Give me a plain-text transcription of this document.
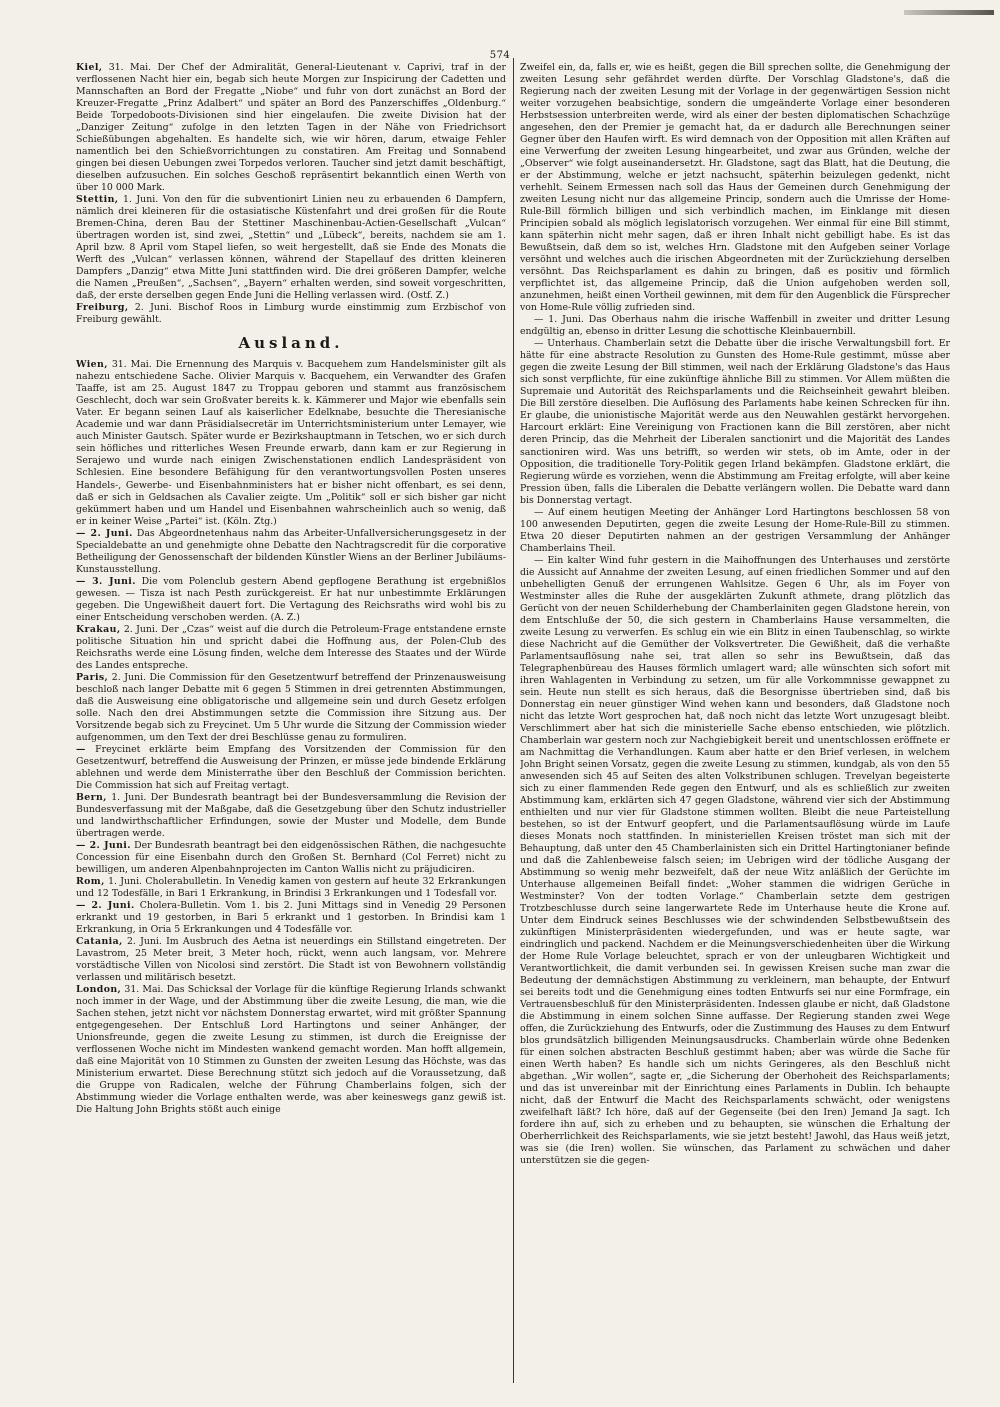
574

Kiel, 31. Mai. Der Chef der Admiralität, General-Lieutenant v. Caprivi, traf in der verflossenen Nacht hier ein, begab sich heute Morgen zur Inspicirung der Cadetten und Mannschaften an Bord der Fregatte „Niobe“ und fuhr von dort zunächst an Bord der Kreuzer-Fregatte „Prinz Adalbert“ und später an Bord des Panzerschiffes „Oldenburg.“ Beide Torpedoboots-Divisionen sind hier eingelaufen. Die zweite Division hat der „Danziger Zeitung“ zufolge in den letzten Tagen in der Nähe von Friedrichsort Schießübungen abgehalten. Es handelte sich, wie wir hören, darum, etwaige Fehler namentlich bei den Schießvorrichtungen zu constatiren. Am Freitag und Sonnabend gingen bei diesen Uebungen zwei Torpedos verloren. Taucher sind jetzt damit beschäftigt, dieselben aufzusuchen. Ein solches Geschoß repräsentirt bekanntlich einen Werth von über 10 000 Mark.

Stettin, 1. Juni. Von den für die subventionirt Linien neu zu erbauenden 6 Dampfern, nämlich drei kleineren für die ostasiatische Küstenfahrt und drei großen für die Route Bremen-China, deren Bau der Stettiner Maschinenbau-Actien-Gesellschaft „Vulcan“ übertragen worden ist, sind zwei, „Stettin“ und „Lübeck“, bereits, nachdem sie am 1. April bzw. 8 April vom Stapel liefen, so weit hergestellt, daß sie Ende des Monats die Werft des „Vulcan“ verlassen können, während der Stapellauf des dritten kleineren Dampfers „Danzig“ etwa Mitte Juni stattfinden wird. Die drei größeren Dampfer, welche die Namen „Preußen“, „Sachsen“, „Bayern“ erhalten werden, sind soweit vorgeschritten, daß, der erste derselben gegen Ende Juni die Helling verlassen wird. (Ostf. Z.)

Freiburg, 2. Juni. Bischof Roos in Limburg wurde einstimmig zum Erzbischof von Freiburg gewählt.

Ausland.

Wien, 31. Mai. Die Ernennung des Marquis v. Bacquehem zum Handelsminister gilt als nahezu entschiedene Sache. Olivier Marquis v. Bacquehem, ein Verwandter des Grafen Taaffe, ist am 25. August 1847 zu Troppau geboren und stammt aus französischem Geschlecht, doch war sein Großvater bereits k. k. Kämmerer und Major wie ebenfalls sein Vater. Er begann seinen Lauf als kaiserlicher Edelknabe, besuchte die Theresianische Academie und war dann Präsidialsecretär im Unterrichtsministerium unter Lemayer, wie auch Minister Gautsch. Später wurde er Bezirkshauptmann in Tetschen, wo er sich durch sein höfliches und ritterliches Wesen Freunde erwarb, dann kam er zur Regierung in Serajewo und wurde nach einigen Zwischenstationen endlich Landespräsident von Schlesien. Eine besondere Befähigung für den verantwortungsvollen Posten unseres Handels-, Gewerbe- und Eisenbahnministers hat er bisher nicht offenbart, es sei denn, daß er sich in Geldsachen als Cavalier zeigte. Um „Politik“ soll er sich bisher gar nicht gekümmert haben und um Handel und Eisenbahnen wahrscheinlich auch so wenig, daß er in keiner Weise „Partei“ ist. (Köln. Ztg.)

— 2. Juni. Das Abgeordnetenhaus nahm das Arbeiter-Unfallversicherungsgesetz in der Specialdebatte an und genehmigte ohne Debatte den Nachtragscredit für die corporative Betheiligung der Genossenschaft der bildenden Künstler Wiens an der Berliner Jubiläums-Kunstausstellung.

— 3. Juni. Die vom Polenclub gestern Abend gepflogene Berathung ist ergebnißlos gewesen. — Tisza ist nach Pesth zurückgereist. Er hat nur unbestimmte Erklärungen gegeben. Die Ungewißheit dauert fort. Die Vertagung des Reichsraths wird wohl bis zu einer Entscheidung verschoben werden. (A. Z.)

Krakau, 2. Juni. Der „Czas“ weist auf die durch die Petroleum-Frage entstandene ernste politische Situation hin und spricht dabei die Hoffnung aus, der Polen-Club des Reichsraths werde eine Lösung finden, welche dem Interesse des Staates und der Würde des Landes entspreche.

Paris, 2. Juni. Die Commission für den Gesetzentwurf betreffend der Prinzenausweisung beschloß nach langer Debatte mit 6 gegen 5 Stimmen in drei getrennten Abstimmungen, daß die Ausweisung eine obligatorische und allgemeine sein und durch Gesetz erfolgen solle. Nach den drei Abstimmungen setzte die Commission ihre Sitzung aus. Der Vorsitzende begab sich zu Freycinet. Um 5 Uhr wurde die Sitzung der Commission wieder aufgenommen, um den Text der drei Beschlüsse genau zu formuliren.

— Freycinet erklärte beim Empfang des Vorsitzenden der Commission für den Gesetzentwurf, betreffend die Ausweisung der Prinzen, er müsse jede bindende Erklärung ablehnen und werde dem Ministerrathe über den Beschluß der Commission berichten. Die Commission hat sich auf Freitag vertagt.

Bern, 1. Juni. Der Bundesrath beantragt bei der Bundesversammlung die Revision der Bundesverfassung mit der Maßgabe, daß die Gesetzgebung über den Schutz industrieller und landwirthschaftlicher Erfindungen, sowie der Muster und Modelle, dem Bunde übertragen werde.

— 2. Juni. Der Bundesrath beantragt bei den eidgenössischen Räthen, die nachgesuchte Concession für eine Eisenbahn durch den Großen St. Bernhard (Col Ferret) nicht zu bewilligen, um anderen Alpenbahnprojecten im Canton Wallis nicht zu präjudiciren.

Rom, 1. Juni. Cholerabulletin. In Venedig kamen von gestern auf heute 32 Erkrankungen und 12 Todesfälle, in Bari 1 Erkrankung, in Brindisi 3 Erkrankungen und 1 Todesfall vor.

— 2. Juni. Cholera-Bulletin. Vom 1. bis 2. Juni Mittags sind in Venedig 29 Personen erkrankt und 19 gestorben, in Bari 5 erkrankt und 1 gestorben. In Brindisi kam 1 Erkrankung, in Oria 5 Erkrankungen und 4 Todesfälle vor.

Catania, 2. Juni. Im Ausbruch des Aetna ist neuerdings ein Stillstand eingetreten. Der Lavastrom, 25 Meter breit, 3 Meter hoch, rückt, wenn auch langsam, vor. Mehrere vorstädtische Villen von Nicolosi sind zerstört. Die Stadt ist von Bewohnern vollständig verlassen und militärisch besetzt.

London, 31. Mai. Das Schicksal der Vorlage für die künftige Regierung Irlands schwankt noch immer in der Wage, und der Abstimmung über die zweite Lesung, die man, wie die Sachen stehen, jetzt nicht vor nächstem Donnerstag erwartet, wird mit größter Spannung entgegengesehen. Der Entschluß Lord Hartingtons und seiner Anhänger, der Unionsfreunde, gegen die zweite Lesung zu stimmen, ist durch die Ereignisse der verflossenen Woche nicht im Mindesten wankend gemacht worden. Man hofft allgemein, daß eine Majorität von 10 Stimmen zu Gunsten der zweiten Lesung das Höchste, was das Ministerium erwartet. Diese Berechnung stützt sich jedoch auf die Voraussetzung, daß die Gruppe von Radicalen, welche der Führung Chamberlains folgen, sich der Abstimmung wieder die Vorlage enthalten werde, was aber keineswegs ganz gewiß ist. Die Haltung John Brights stößt auch einige

Zweifel ein, da, falls er, wie es heißt, gegen die Bill sprechen sollte, die Genehmigung der zweiten Lesung sehr gefährdet werden dürfte. Der Vorschlag Gladstone's, daß die Regierung nach der zweiten Lesung mit der Vorlage in der gegenwärtigen Session nicht weiter vorzugehen beabsichtige, sondern die umgeänderte Vorlage einer besonderen Herbstsession unterbreiten werde, wird als einer der besten diplomatischen Schachzüge angesehen, den der Premier je gemacht hat, da er dadurch alle Berechnungen seiner Gegner über den Haufen wirft. Es wird demnach von der Opposition mit allen Kräften auf eine Verwerfung der zweiten Lesung hingearbeitet, und zwar aus Gründen, welche der „Observer“ wie folgt auseinandersetzt. Hr. Gladstone, sagt das Blatt, hat die Deutung, die er der Abstimmung, welche er jetzt nachsucht, späterhin beizulegen gedenkt, nicht verhehlt. Seinem Ermessen nach soll das Haus der Gemeinen durch Genehmigung der zweiten Lesung nicht nur das allgemeine Princip, sondern auch die Umrisse der Home-Rule-Bill förmlich billigen und sich verbindlich machen, im Einklange mit diesen Principien sobald als möglich legislatorisch vorzugehen. Wer einmal für eine Bill stimmt, kann späterhin nicht mehr sagen, daß er ihren Inhalt nicht gebilligt habe. Es ist das Bewußtsein, daß dem so ist, welches Hrn. Gladstone mit den Aufgeben seiner Vorlage versöhnt und welches auch die irischen Abgeordneten mit der Zurückziehung derselben versöhnt. Das Reichsparlament es dahin zu bringen, daß es positiv und förmlich verpflichtet ist, das allgemeine Princip, daß die Union aufgehoben werden soll, anzunehmen, heißt einen Vortheil gewinnen, mit dem für den Augenblick die Fürsprecher von Home-Rule völlig zufrieden sind.

— 1. Juni. Das Oberhaus nahm die irische Waffenbill in zweiter und dritter Lesung endgültig an, ebenso in dritter Lesung die schottische Kleinbauernbill.

— Unterhaus. Chamberlain setzt die Debatte über die irische Verwaltungsbill fort. Er hätte für eine abstracte Resolution zu Gunsten des Home-Rule gestimmt, müsse aber gegen die zweite Lesung der Bill stimmen, weil nach der Erklärung Gladstone's das Haus sich sonst verpflichte, für eine zukünftige ähnliche Bill zu stimmen. Vor Allem müßten die Supremaie und Autorität des Reichsparlaments und die Reichseinheit gewahrt bleiben. Die Bill zerstöre dieselben. Die Auflösung des Parlaments habe keinen Schrecken für ihn. Er glaube, die unionistische Majorität werde aus den Neuwahlen gestärkt hervorgehen. Harcourt erklärt: Eine Vereinigung von Fractionen kann die Bill zerstören, aber nicht deren Princip, das die Mehrheit der Liberalen sanctionirt und die Majorität des Landes sanctioniren wird. Was uns betrifft, so werden wir stets, ob im Amte, oder in der Opposition, die traditionelle Tory-Politik gegen Irland bekämpfen. Gladstone erklärt, die Regierung würde es vorziehen, wenn die Abstimmung am Freitag erfolgte, will aber keine Pression üben, falls die Liberalen die Debatte verlängern wollen. Die Debatte ward dann bis Donnerstag vertagt.

— Auf einem heutigen Meeting der Anhänger Lord Hartingtons beschlossen 58 von 100 anwesenden Deputirten, gegen die zweite Lesung der Home-Rule-Bill zu stimmen. Etwa 20 dieser Deputirten nahmen an der gestrigen Versammlung der Anhänger Chamberlains Theil.

— Ein kalter Wind fuhr gestern in die Maihoffnungen des Unterhauses und zerstörte die Aussicht auf Annahme der zweiten Lesung, auf einen friedlichen Sommer und auf den unbehelligten Genuß der errungenen Wahlsitze. Gegen 6 Uhr, als im Foyer von Westminster alles die Ruhe der ausgeklärten Zukunft athmete, drang plötzlich das Gerücht von der neuen Schilderhebung der Chamberlainiten gegen Gladstone herein, von dem Entschluße der 50, die sich gestern in Chamberlains Hause versammelten, die zweite Lesung zu verwerfen. Es schlug ein wie ein Blitz in einen Taubenschlag, so wirkte diese Nachricht auf die Gemüther der Volksvertreter. Die Gewißheit, daß die verhaßte Parlamentsauflösung nahe sei, trat allen so sehr ins Bewußtsein, daß das Telegraphenbüreau des Hauses förmlich umlagert ward; alle wünschten sich sofort mit ihren Wahlagenten in Verbindung zu setzen, um für alle Vorkommnisse gewappnet zu sein. Heute nun stellt es sich heraus, daß die Besorgnisse übertrieben sind, daß bis Donnerstag ein neuer günstiger Wind wehen kann und besonders, daß Gladstone noch nicht das letzte Wort gesprochen hat, daß noch nicht das letzte Wort unzugesagt bleibt. Verschlimmert aber hat sich die ministerielle Sache ebenso entschieden, wie plötzlich. Chamberlain war gestern noch zur Nachgiebigkeit bereit und unentschlossen eröffnete er am Nachmittag die Verhandlungen. Kaum aber hatte er den Brief verlesen, in welchem John Bright seinen Vorsatz, gegen die zweite Lesung zu stimmen, kundgab, als von den 55 anwesenden sich 45 auf Seiten des alten Volkstribunen schlugen. Trevelyan begeisterte sich zu einer flammenden Rede gegen den Entwurf, und als es schließlich zur zweiten Abstimmung kam, erklärten sich 47 gegen Gladstone, während vier sich der Abstimmung enthielten und nur vier für Gladstone stimmen wollten. Bleibt die neue Parteistellung bestehen, so ist der Entwurf geopfert, und die Parlamentsauflösung würde im Laufe dieses Monats noch stattfinden. In ministeriellen Kreisen tröstet man sich mit der Behauptung, daß unter den 45 Chamberlainisten sich ein Drittel Hartingtonianer befinde und daß die Zahlenbeweise falsch seien; im Uebrigen wird der tödliche Ausgang der Abstimmung so wenig mehr bezweifelt, daß der neue Witz anläßlich der Gerüchte im Unterhause allgemeinen Beifall findet: „Woher stammen die widrigen Gerüche in Westminster? Von der todten Vorlage.“ Chamberlain setzte dem gestrigen Trotzbeschlusse durch seine langerwartete Rede im Unterhause heute die Krone auf. Unter dem Eindruck seines Beschlusses wie der schwindenden Selbstbewußtsein des zukünftigen Ministerpräsidenten wiedergefunden, und was er heute sagte, war eindringlich und packend. Nachdem er die Meinungsverschiedenheiten über die Wirkung der Home Rule Vorlage beleuchtet, sprach er von der unleugbaren Wichtigkeit und Verantwortlichkeit, die damit verbunden sei. In gewissen Kreisen suche man zwar die Bedeutung der demnächstigen Abstimmung zu verkleinern, man behaupte, der Entwurf sei bereits todt und die Genehmigung eines todten Entwurfs sei nur eine Formfrage, ein Vertrauensbeschluß für den Ministerpräsidenten. Indessen glaube er nicht, daß Gladstone die Abstimmung in einem solchen Sinne auffasse. Der Regierung standen zwei Wege offen, die Zurückziehung des Entwurfs, oder die Zustimmung des Hauses zu dem Entwurf blos grundsätzlich billigenden Meinungsausdrucks. Chamberlain würde ohne Bedenken für einen solchen abstracten Beschluß gestimmt haben; aber was würde die Sache für einen Werth haben? Es handle sich um nichts Geringeres, als den Beschluß nicht abgethan. „Wir wollen“, sagte er, „die Sicherung der Oberhoheit des Reichsparlaments; und das ist unvereinbar mit der Einrichtung eines Parlaments in Dublin. Ich behaupte nicht, daß der Entwurf die Macht des Reichsparlaments schwächt, oder wenigstens zweifelhaft läßt? Ich höre, daß auf der Gegenseite (bei den Iren) Jemand Ja sagt. Ich fordere ihn auf, sich zu erheben und zu behaupten, sie wünschen die Erhaltung der Oberherrlichkeit des Reichsparlaments, wie sie jetzt besteht! Jawohl, das Haus weiß jetzt, was sie (die Iren) wollen. Sie wünschen, das Parlament zu schwächen und daher unterstützen sie die gegen-
